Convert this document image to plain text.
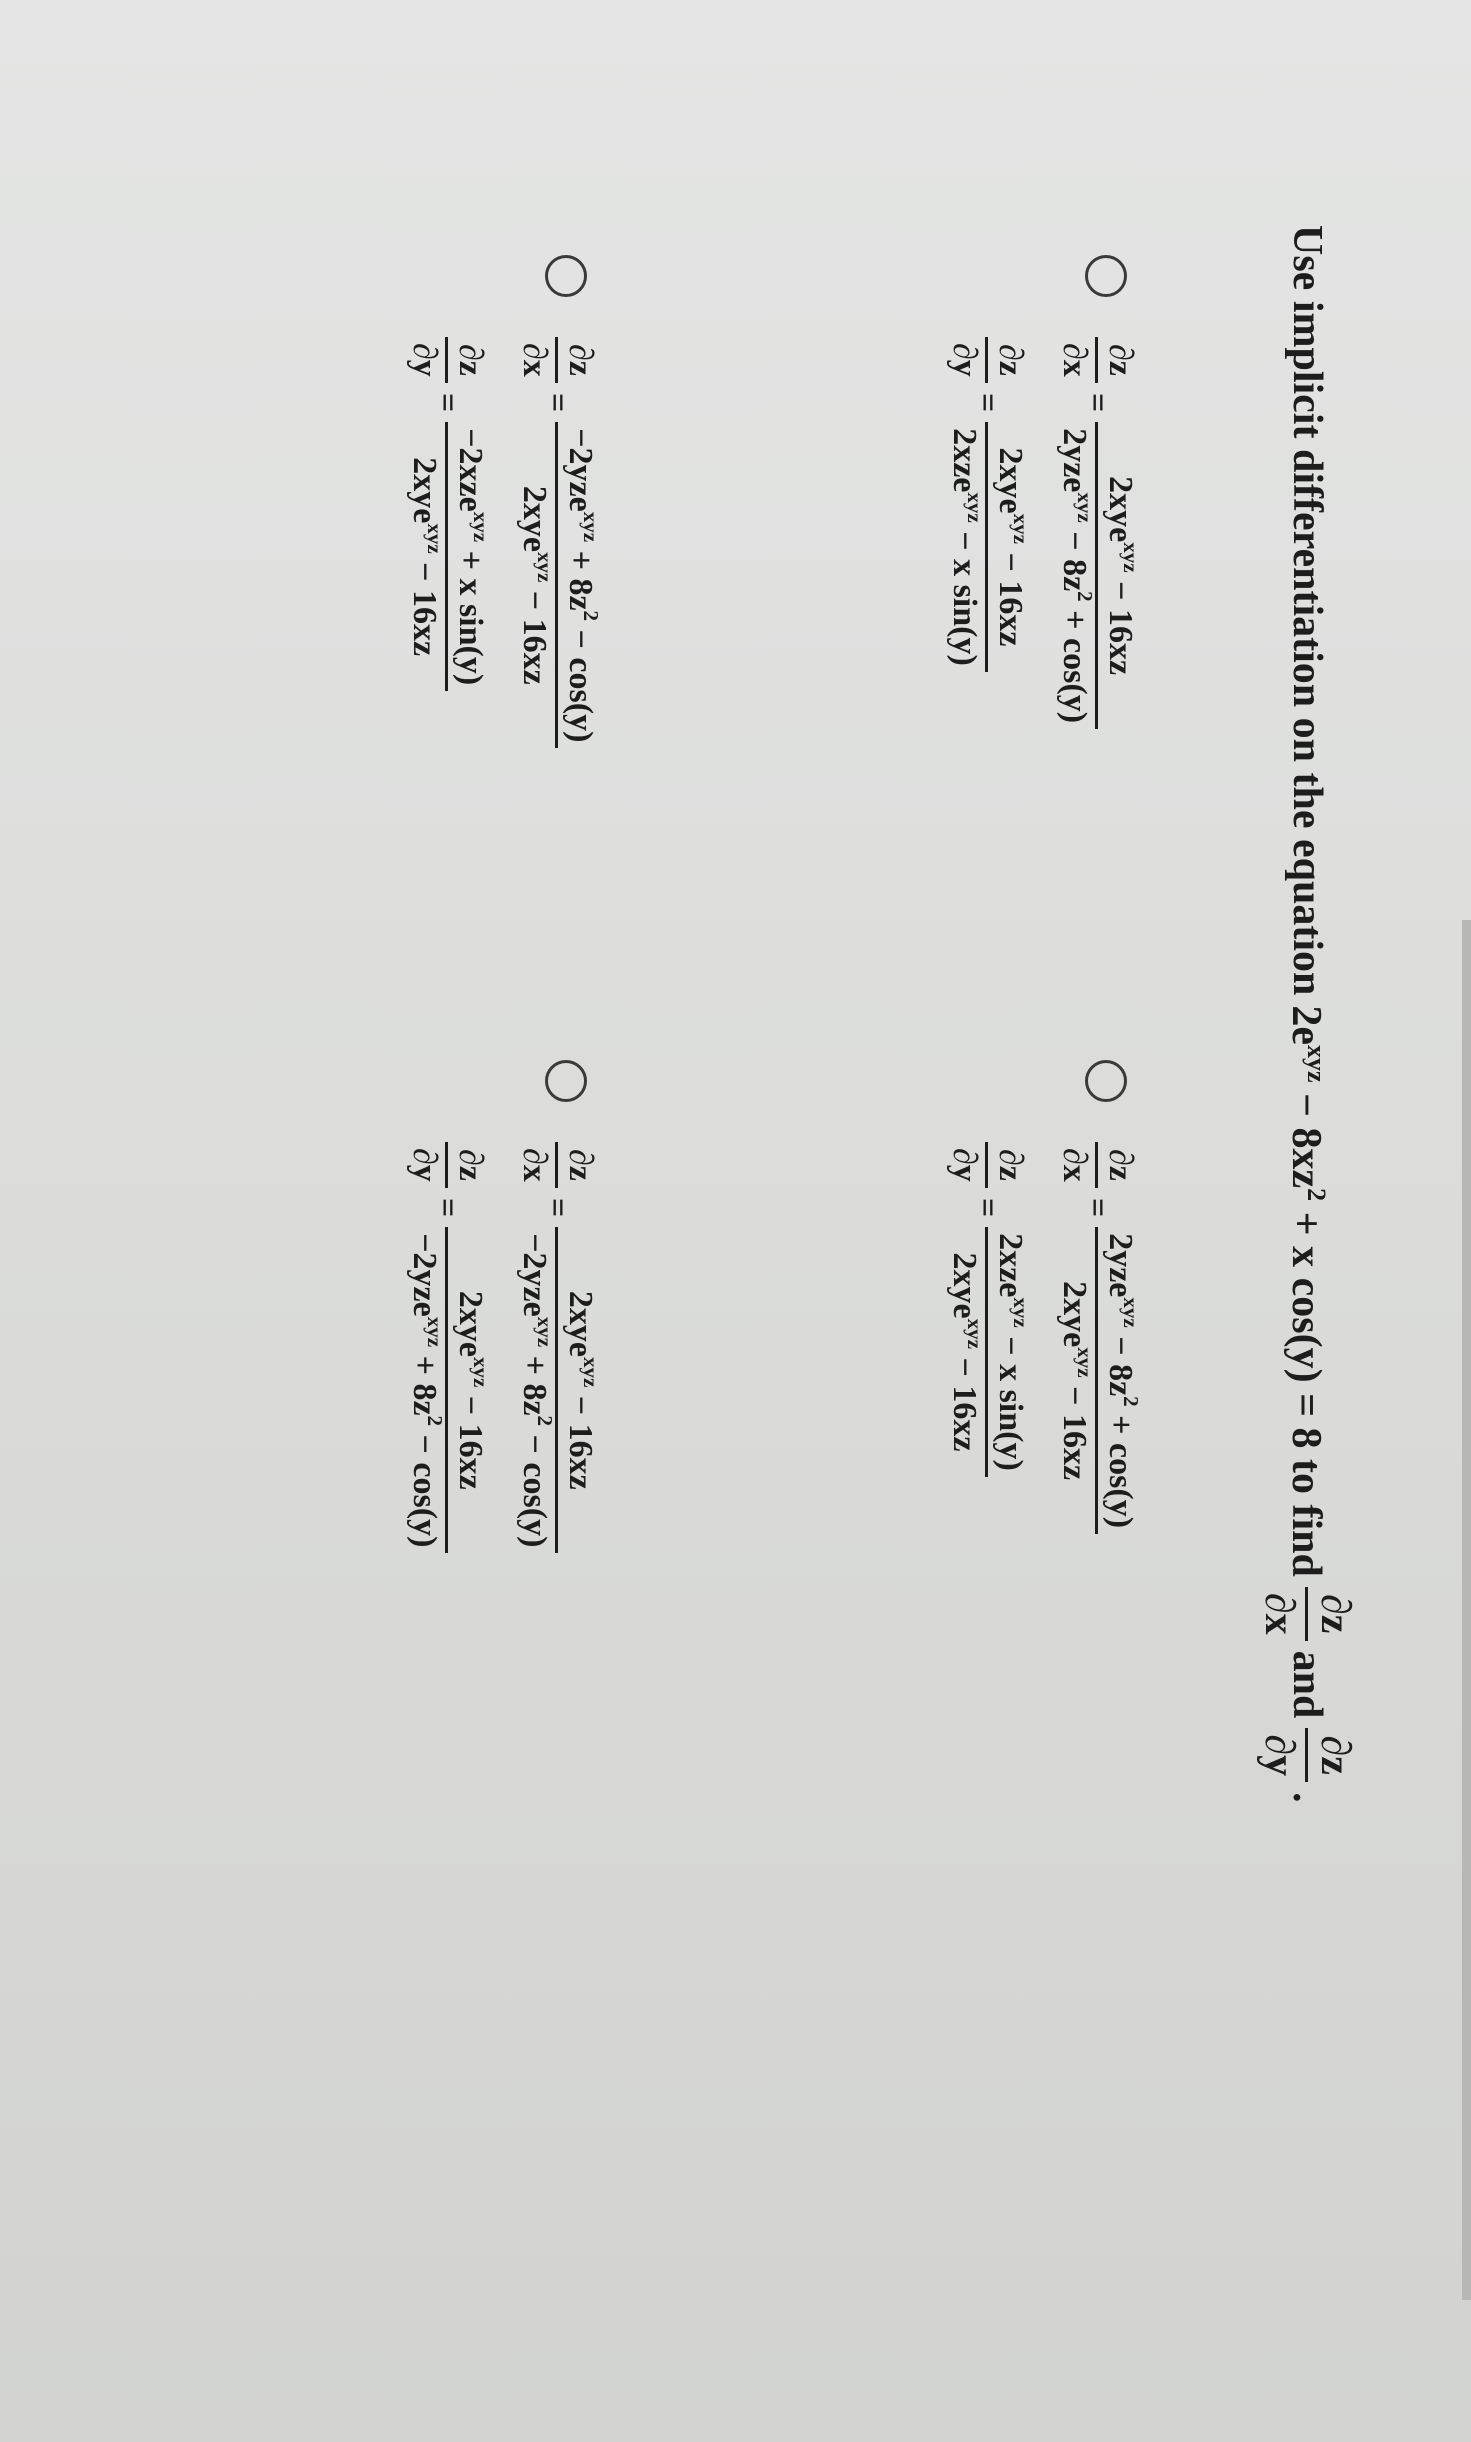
Use implicit differentiation on the equation
$2e^{xyz} - 8xz^2 + x$ cos(y) = 8 to find
∂z
∂x
and
∂z
∂y
.
∂z
∂x
=
2xye$^{xyz}$ − 16xz
$2yze^{xyz} - 8z^2 + \cos(y)$
∂z
∂y
=
2xye$^{xyz}$ − 16xz
2xze$^{xyz}$ − x sin(y)
∂z
∂x
=
$2yze^{xyz} - 8z^2 + \cos(y)$
2xye$^{xyz}$ − 16xz
∂z
∂y
=
2xze$^{xyz}$ − x sin(y)
2xye$^{xyz}$ − 16xz
∂z
∂x
=
$-2yze^{xyz} + 8z^2 - \cos(y)$
2xye$^{xyz}$ − 16xz
∂z
∂y
=
−2xze$^{xyz}$ + x sin(y)
2xye$^{xyz}$ − 16xz
∂z
∂x
=
2xye$^{xyz}$ − 16xz
$-2yze^{xyz} + 8z^2 - \cos(y)$
∂z
∂y
=
2xye$^{xyz}$ − 16xz
$-2yze^{xyz} + 8z^2 - \cos(y)$
